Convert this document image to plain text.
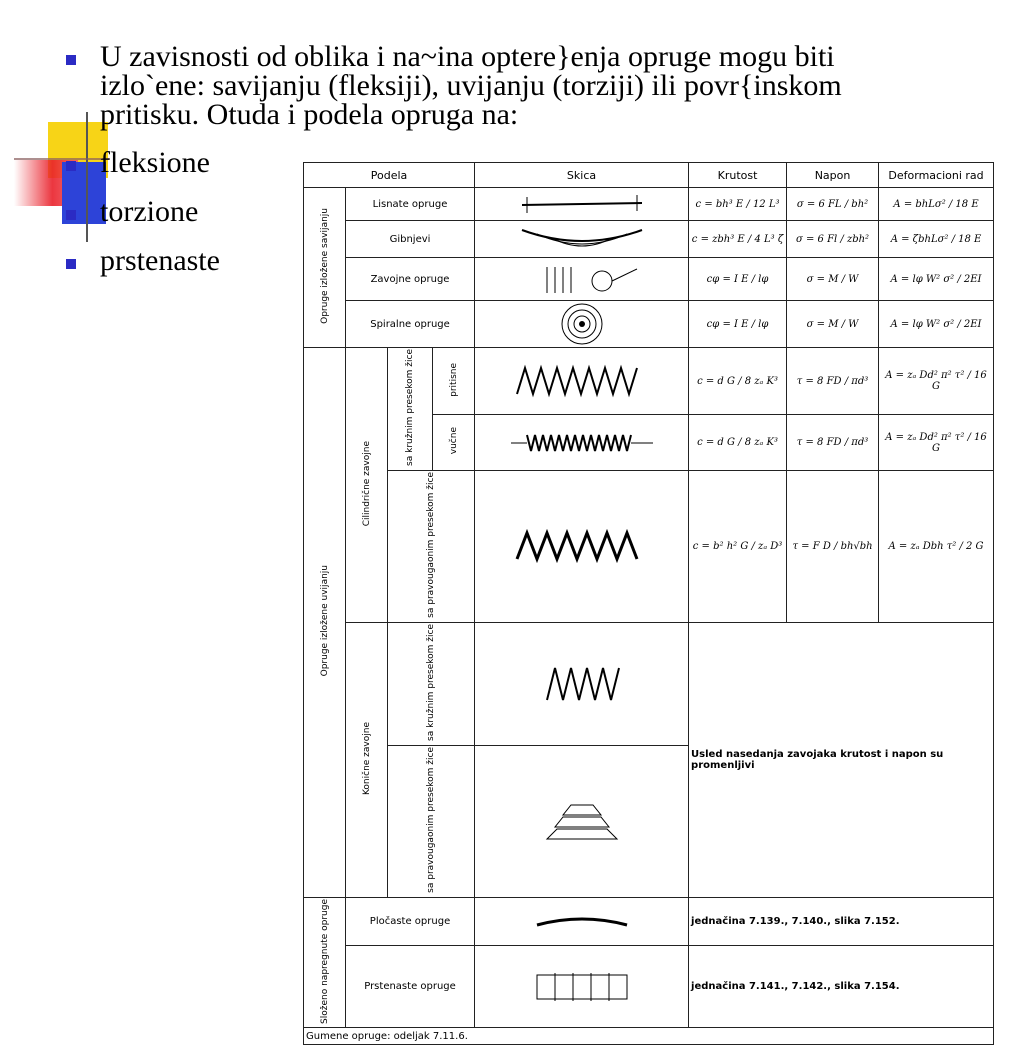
U zavisnosti od oblika i na~ina optere}enja opruge mogu biti izlo`ene: savijanju (fleksiji), uvijanju (torziji) ili povr{inskom pritisku. Otuda i podela opruga na:
fleksione
torzione
prstenaste
Podela				Skica	Krutost	Napon	Deformacioni rad
Opruge izložene savijanju	Lisnate opruge				c = bh³ E / 12 L³	σ = 6 FL / bh²	A = bhLσ² / 18 E
	Gibnjevi				c = zbh³ E / 4 L³ ζ	σ = 6 Fl / zbh²	A = ζbhLσ² / 18 E
	Zavojne opruge				cφ = I E / lφ	σ = M / W	A = lφ W² σ² / 2EI
	Spiralne opruge				cφ = I E / lφ	σ = M / W	A = lφ W² σ² / 2EI
Opruge izložene uvijanju	Cilindrične zavojne	sa kružnim presekom žice	pritisne		c = d G / 8 zₐ K³	τ = 8 FD / πd³	A = zₐ Dd² π² τ² / 16 G
			vučne		c = d G / 8 zₐ K³	τ = 8 FD / πd³	A = zₐ Dd² π² τ² / 16 G
		sa pravougaonim presekom žice			c = b² h² G / zₐ D³	τ = F D / bh√bh	A = zₐ Dbh τ² / 2 G
	Konične zavojne	sa kružnim presekom žice			Usled nasedanja zavojaka krutost i napon su promenljivi		
		sa pravougaonim presekom žice	

Složeno napregnute opruge	Pločaste opruge				jednačina 7.139., 7.140., slika 7.152.		
	Prstenaste opruge				jednačina 7.141., 7.142., slika 7.154.		
Gumene opruge: odeljak 7.11.6.							
